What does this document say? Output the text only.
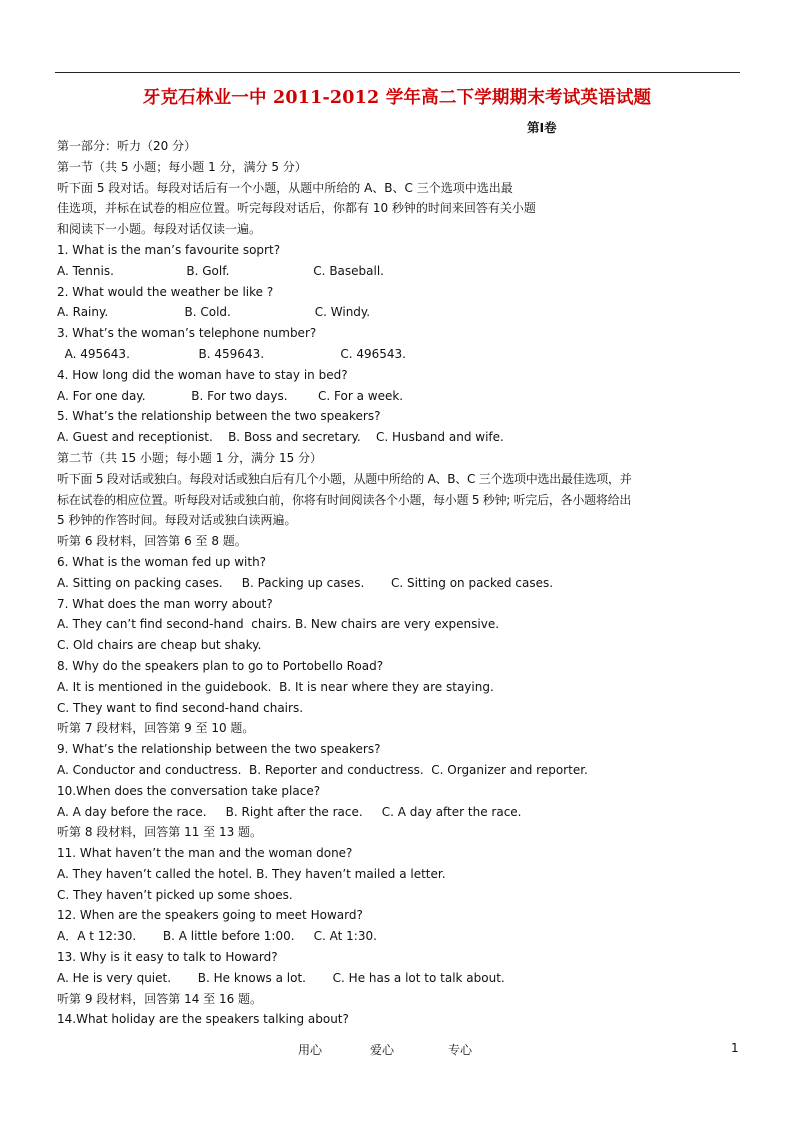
牙克石林业一中 2011-2012 学年高二下学期期末考试英语试题
第Ⅰ卷
第一部分：听力（20 分）
第一节（共 5 小题；每小题 1 分，满分 5 分）
听下面 5 段对话。每段对话后有一个小题，从题中所给的 A、B、C 三个选项中选出最
佳选项，并标在试卷的相应位置。听完每段对话后，你都有 10 秒钟的时间来回答有关小题
和阅读下一小题。每段对话仅读一遍。
1. What is the man’s favourite soprt?
A. Tennis.                   B. Golf.                      C. Baseball.
2. What would the weather be like ?
A. Rainy.                    B. Cold.                      C. Windy.
3. What’s the woman’s telephone number?
A. 495643.                  B. 459643.                    C. 496543.
4. How long did the woman have to stay in bed?
A. For one day.            B. For two days.        C. For a week.
5. What’s the relationship between the two speakers?
A. Guest and receptionist.    B. Boss and secretary.    C. Husband and wife.
第二节（共 15 小题；每小题 1 分，满分 15 分）
听下面 5 段对话或独白。每段对话或独白后有几个小题，从题中所给的 A、B、C 三个选项中选出最佳选项，并
标在试卷的相应位置。听每段对话或独白前，你将有时间阅读各个小题，每小题 5 秒钟; 听完后，各小题将给出
5 秒钟的作答时间。每段对话或独白读两遍。
听第 6 段材料，回答第 6 至 8 题。
6. What is the woman fed up with?
A. Sitting on packing cases.     B. Packing up cases.       C. Sitting on packed cases.
7. What does the man worry about?
A. They can’t find second-hand  chairs. B. New chairs are very expensive.
C. Old chairs are cheap but shaky.
8. Why do the speakers plan to go to Portobello Road?
A. It is mentioned in the guidebook.  B. It is near where they are staying.
C. They want to find second-hand chairs.
听第 7 段材料，回答第 9 至 10 题。
9. What’s the relationship between the two speakers?
A. Conductor and conductress.  B. Reporter and conductress.  C. Organizer and reporter.
10.When does the conversation take place?
A. A day before the race.     B. Right after the race.     C. A day after the race.
听第 8 段材料，回答第 11 至 13 题。
11. What haven’t the man and the woman done?
A. They haven’t called the hotel. B. They haven’t mailed a letter.
C. They haven’t picked up some shoes.
12. When are the speakers going to meet Howard?
A．A t 12:30.       B. A little before 1:00.     C. At 1:30.
13. Why is it easy to talk to Howard?
A. He is very quiet.       B. He knows a lot.       C. He has a lot to talk about.
听第 9 段材料，回答第 14 至 16 题。
14.What holiday are the speakers talking about?
用心	爱心	专心	1
